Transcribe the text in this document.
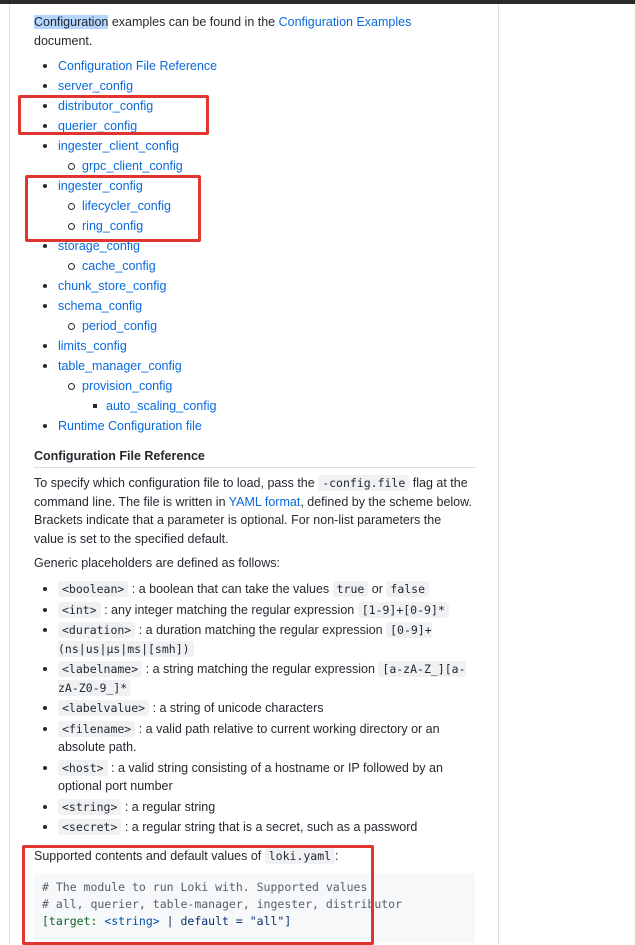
Configuration examples can be found in the Configuration Examples
document.

Configuration File Reference
server_config
distributor_config
querier_config
ingester_client_config
grpc_client_config
ingester_config
lifecycler_config
ring_config
storage_config
cache_config
chunk_store_config
schema_config
period_config
limits_config
table_manager_config
provision_config
auto_scaling_config
Runtime Configuration file
Configuration File Reference

To specify which configuration file to load, pass the -config.file flag at the command line. The file is written in YAML format, defined by the scheme below. Brackets indicate that a parameter is optional. For non-list parameters the value is set to the specified default.

Generic placeholders are defined as follows:

<boolean> : a boolean that can take the values true or false
<int> : any integer matching the regular expression [1-9]+[0-9]*
<duration> : a duration matching the regular expression [0-9]+(ns|us|µs|ms|[smh])
<labelname> : a string matching the regular expression [a-zA-Z_][a-zA-Z0-9_]*
<labelvalue> : a string of unicode characters
<filename> : a valid path relative to current working directory or an absolute path.
<host> : a valid string consisting of a hostname or IP followed by an optional port number
<string> : a regular string
<secret> : a regular string that is a secret, such as a password

Supported contents and default values of loki.yaml :

# The module to run Loki with. Supported values
# all, querier, table-manager, ingester, distributor
[target: <string> | default = "all"]
